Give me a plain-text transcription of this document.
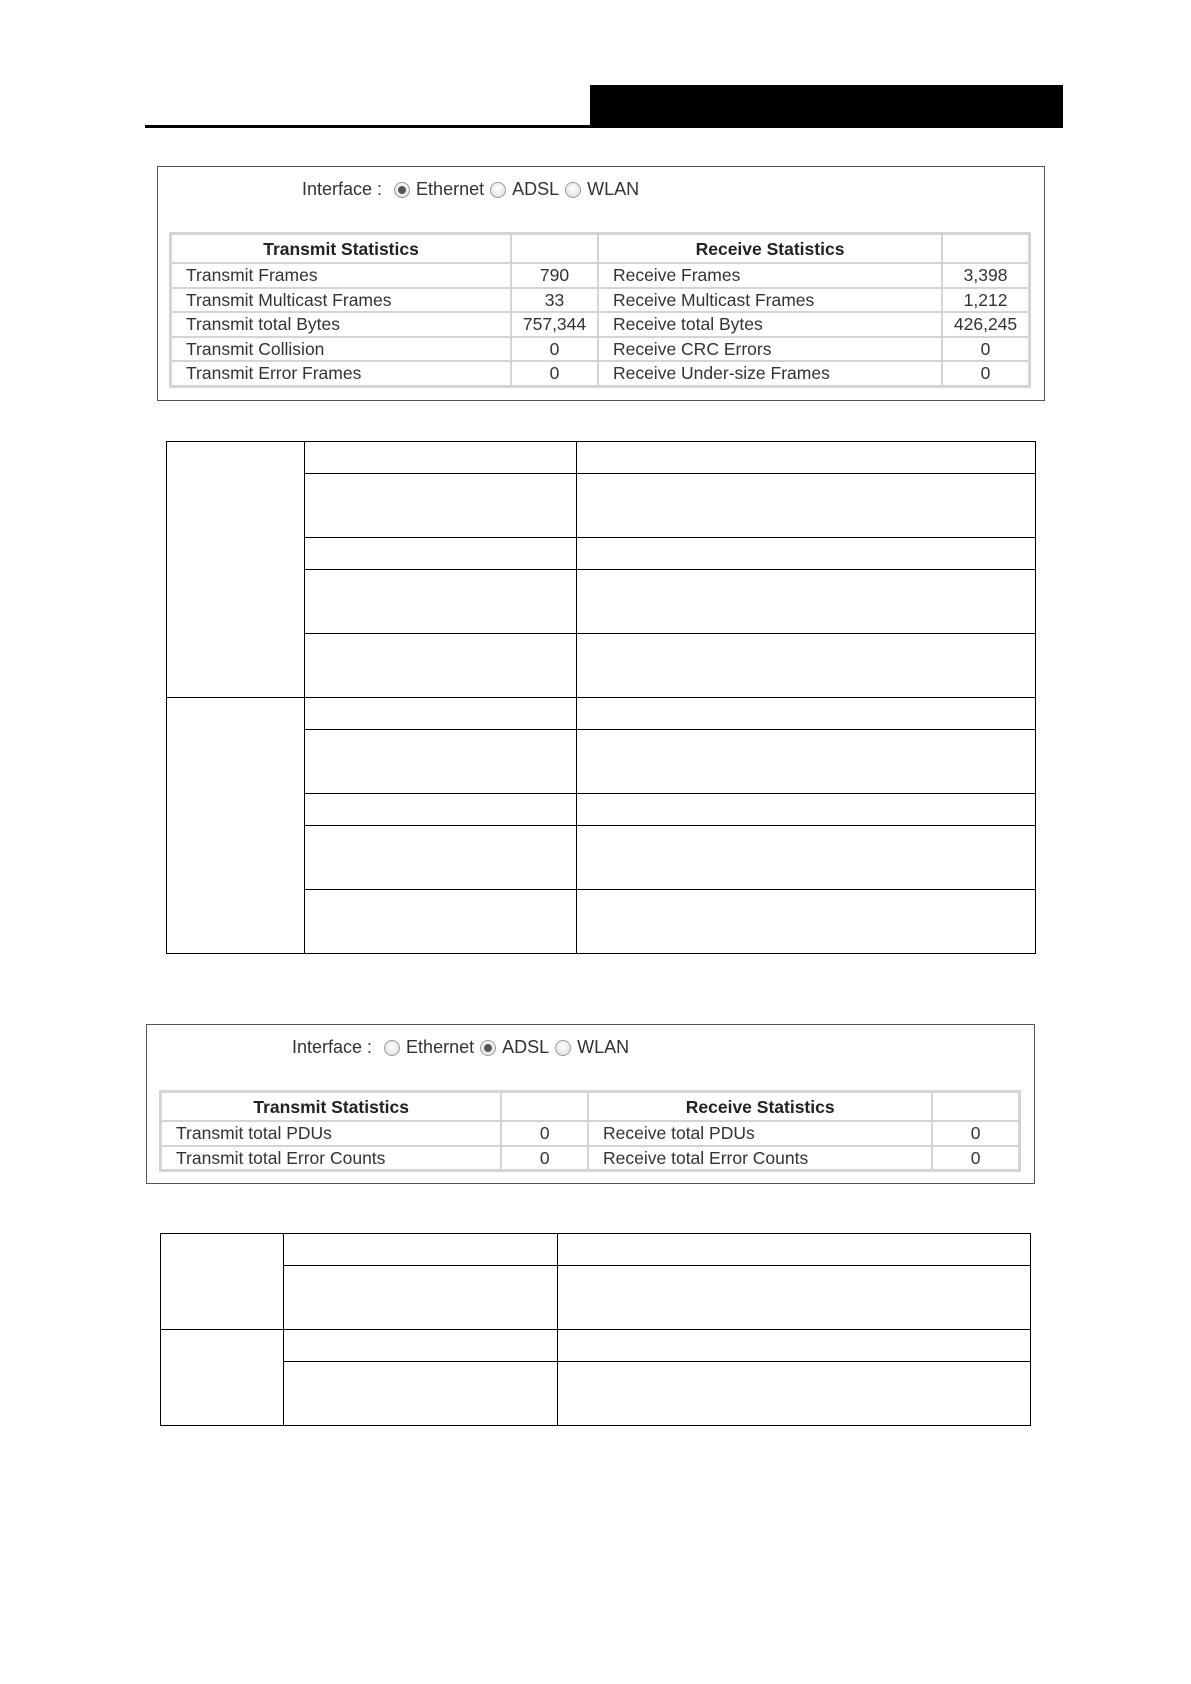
Interface : Ethernet ADSL WLAN
Transmit Statistics		Receive Statistics	
Transmit Frames	790	Receive Frames	3,398
Transmit Multicast Frames	33	Receive Multicast Frames	1,212
Transmit total Bytes	757,344	Receive total Bytes	426,245
Transmit Collision	0	Receive CRC Errors	0
Transmit Error Frames	0	Receive Under-size Frames	0

Interface : Ethernet ADSL WLAN
Transmit Statistics		Receive Statistics	
Transmit total PDUs	0	Receive total PDUs	0
Transmit total Error Counts	0	Receive total Error Counts	0
